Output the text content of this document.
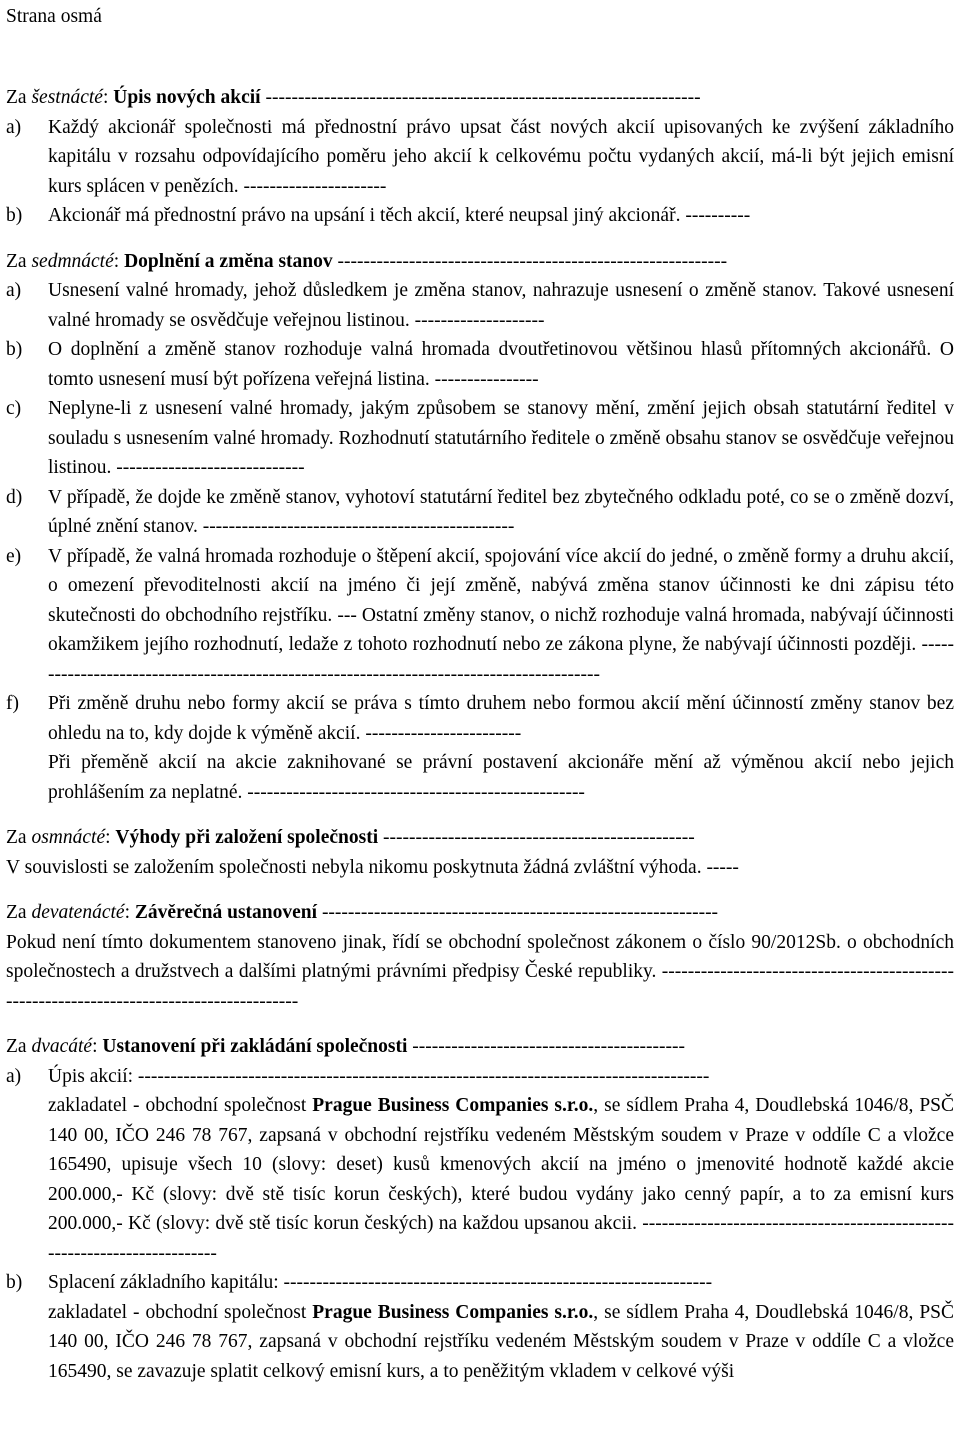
Strana osmá
Za šestnácté: Úpis nových akcií -------------------------------------------------------------------
a)	Každý akcionář společnosti má přednostní právo upsat část nových akcií upisovaných ke zvýšení základního kapitálu v rozsahu odpovídajícího poměru jeho akcií k celkovému počtu vydaných akcií, má-li být jejich emisní kurs splácen v penězích. ----------------------
b)	Akcionář má přednostní právo na upsání i těch akcií, které neupsal jiný akcionář. ----------
Za sedmnácté: Doplnění a změna stanov ------------------------------------------------------------
a)	Usnesení valné hromady, jehož důsledkem je změna stanov, nahrazuje usnesení o změně stanov. Takové usnesení valné hromady se osvědčuje veřejnou listinou. --------------------
b)	O doplnění a změně stanov rozhoduje valná hromada dvoutřetinovou většinou hlasů přítomných akcionářů. O tomto usnesení musí být pořízena veřejná listina. ----------------
c)	Neplyne-li z usnesení valné hromady, jakým způsobem se stanovy mění, změní jejich obsah statutární ředitel v souladu s usnesením valné hromady. Rozhodnutí statutárního ředitele o změně obsahu stanov se osvědčuje veřejnou listinou. -----------------------------
d)	V případě, že dojde ke změně stanov, vyhotoví statutární ředitel bez zbytečného odkladu poté, co se o změně dozví, úplné znění stanov. ------------------------------------------------
e)	V případě, že valná hromada rozhoduje o štěpení akcií, spojování více akcií do jedné, o změně formy a druhu akcií, o omezení převoditelnosti akcií na jméno či její změně, nabývá změna stanov účinnosti ke dni zápisu této skutečnosti do obchodního rejstříku. --- Ostatní změny stanov, o nichž rozhoduje valná hromada, nabývají účinnosti okamžikem jejího rozhodnutí, ledaže z tohoto rozhodnutí nebo ze zákona plyne, že nabývají účinnosti později. ------------------------------------------------------------------------------------------
f)	Při změně druhu nebo formy akcií se práva s tímto druhem nebo formou akcií mění účinností změny stanov bez ohledu na to, kdy dojde k výměně akcií. ------------------------
Při přeměně akcií na akcie zaknihované se právní postavení akcionáře mění až výměnou akcií nebo jejich prohlášením za neplatné. ----------------------------------------------------
Za osmnácté: Výhody při založení společnosti ------------------------------------------------
V souvislosti se založením společnosti nebyla nikomu poskytnuta žádná zvláštní výhoda. -----
Za devatenácté: Závěrečná ustanovení -------------------------------------------------------------
Pokud není tímto dokumentem stanoveno jinak, řídí se obchodní společnost zákonem o číslo 90/2012Sb. o obchodních společnostech a družstvech a dalšími platnými právními předpisy České republiky. ------------------------------------------------------------------------------------------
Za dvacáté: Ustanovení při zakládání společnosti ------------------------------------------
a)	Úpis akcií: ----------------------------------------------------------------------------------------
zakladatel - obchodní společnost Prague Business Companies s.r.o., se sídlem Praha 4, Doudlebská 1046/8, PSČ 140 00, IČO 246 78 767, zapsaná v obchodní rejstříku vedeném Městským soudem v Praze v oddíle C a vložce 165490, upisuje všech 10 (slovy: deset) kusů kmenových akcií na jméno o jmenovité hodnotě každé akcie 200.000,- Kč (slovy: dvě stě tisíc korun českých), které budou vydány jako cenný papír, a to za emisní kurs 200.000,- Kč (slovy: dvě stě tisíc korun českých) na každou upsanou akcii. --------------------------------------------------------------------------
b)	Splacení základního kapitálu: ------------------------------------------------------------------
zakladatel - obchodní společnost Prague Business Companies s.r.o., se sídlem Praha 4, Doudlebská 1046/8, PSČ 140 00, IČO 246 78 767, zapsaná v obchodní rejstříku vedeném Městským soudem v Praze v oddíle C a vložce 165490, se zavazuje splatit celkový emisní kurs, a to peněžitým vkladem v celkové výši
